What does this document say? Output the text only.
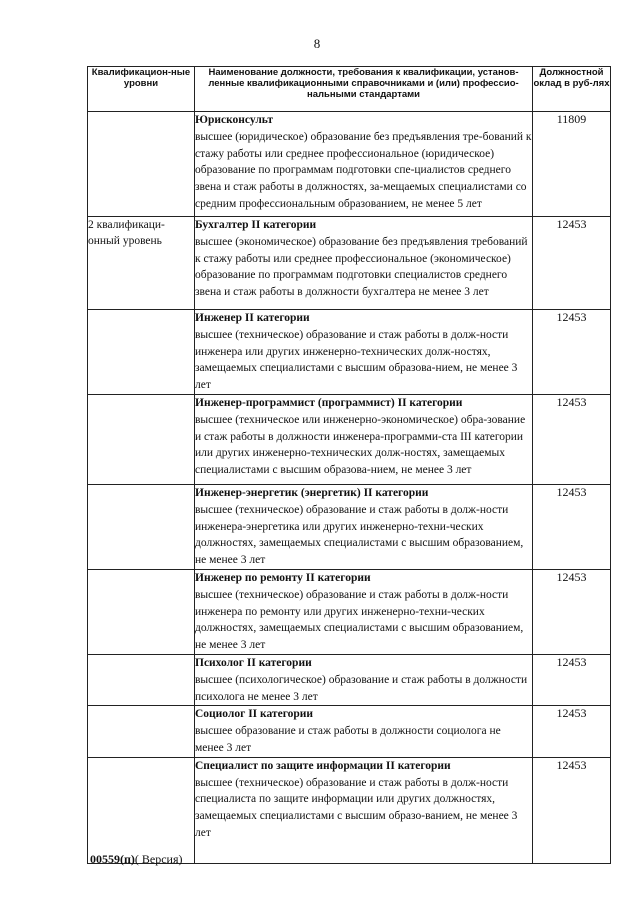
8
Квалификацион-ные уровни	Наименование должности, требования к квалификации, установ-ленные квалификационными справочниками и (или) профессио-нальными стандартами	Должностной оклад в руб-лях

	Юрисконсульт
высшее (юридическое) образование без предъявления тре-бований к стажу работы или среднее профессиональное (юридическое) образование по программам подготовки спе-циалистов среднего звена и стаж работы в должностях, за-мещаемых специалистами со средним профессиональным образованием, не менее 5 лет	11809
2 квалификаци-онный уровень	Бухгалтер II категории
высшее (экономическое) образование без предъявления требований к стажу работы или среднее профессиональное (экономическое) образование по программам подготовки специалистов среднего звена и стаж работы в должности бухгалтера не менее 3 лет	12453

	Инженер II категории
высшее (техническое) образование и стаж работы в долж-ности инженера или других инженерно-технических долж-ностях, замещаемых специалистами с высшим образова-нием, не менее 3 лет	12453

	Инженер-программист (программист) II категории
высшее (техническое или инженерно-экономическое) обра-зование и стаж работы в должности инженера-программи-ста III категории или других инженерно-технических долж-ностях, замещаемых специалистами с высшим образова-нием, не менее 3 лет	12453

	Инженер-энергетик (энергетик) II категории
высшее (техническое) образование и стаж работы в долж-ности инженера-энергетика или других инженерно-техни-ческих должностях, замещаемых специалистами с высшим образованием, не менее 3 лет	12453

	Инженер по ремонту II категории
высшее (техническое) образование и стаж работы в долж-ности инженера по ремонту или других инженерно-техни-ческих должностях, замещаемых специалистами с высшим образованием, не менее 3 лет	12453

	Психолог II категории
высшее (психологическое) образование и стаж работы в должности психолога не менее 3 лет	12453

	Социолог II категории
высшее образование и стаж работы в должности социолога не менее 3 лет	12453

	Специалист по защите информации II категории
высшее (техническое) образование и стаж работы в долж-ности специалиста по защите информации или других должностях, замещаемых специалистами с высшим образо-ванием, не менее 3 лет	12453
00559(п)( Версия)
